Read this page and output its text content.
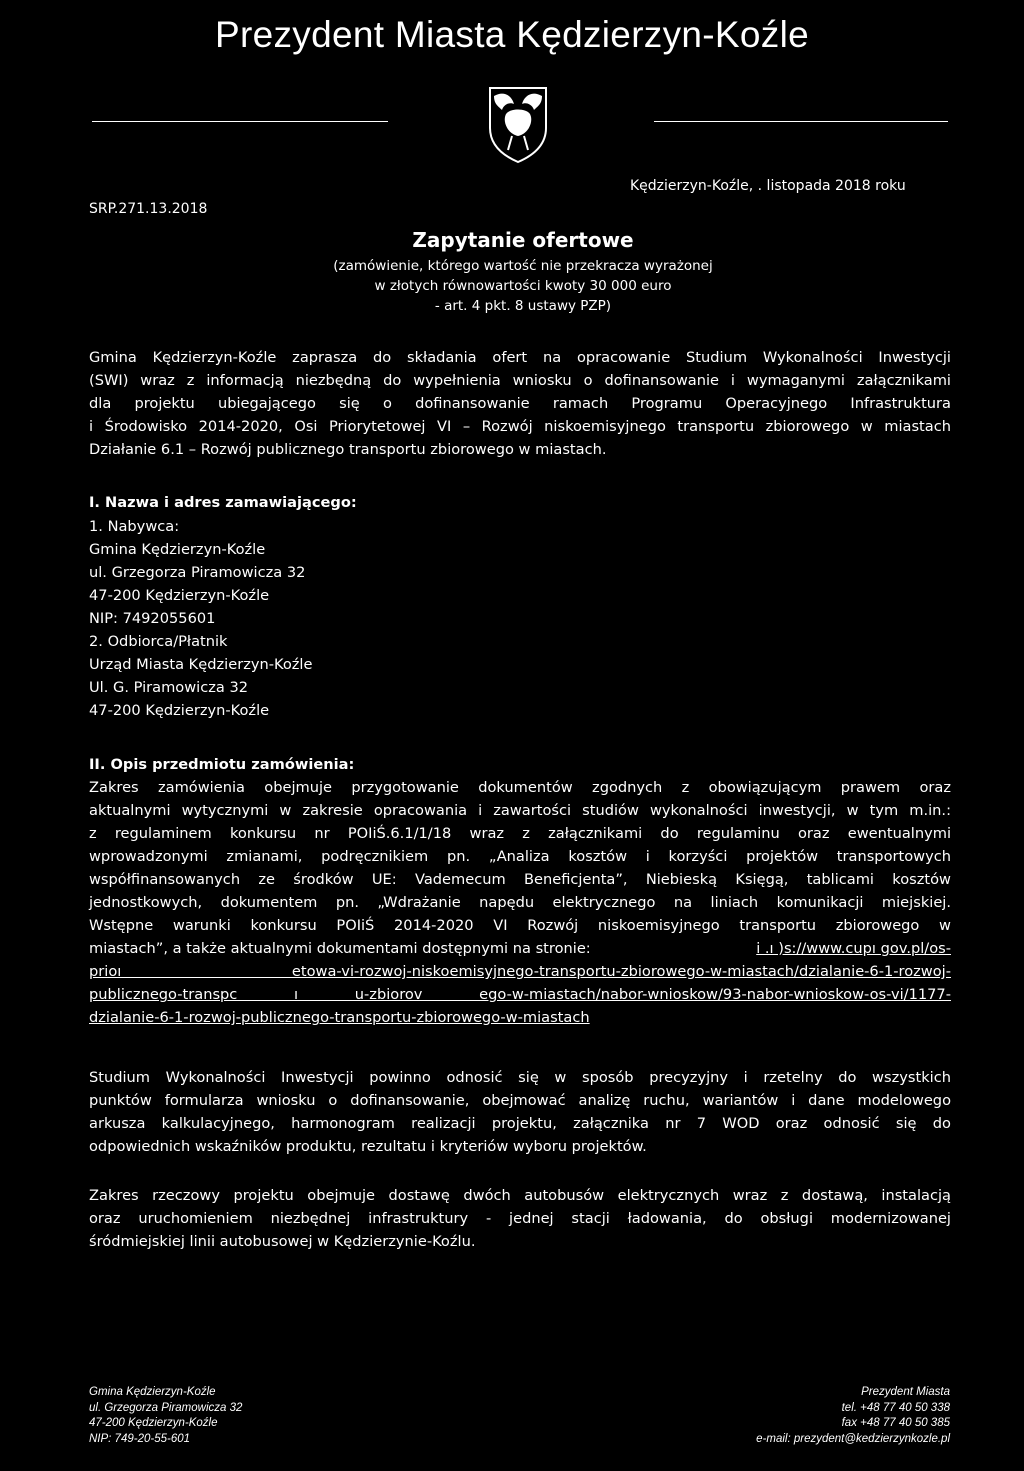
Prezydent Miasta Kędzierzyn-Koźle
SRP.271.13.2018
Kędzierzyn-Koźle, . listopada 2018 roku
Zapytanie ofertowe
(zamówienie, którego wartość nie przekracza wyrażonej
w złotych równowartości kwoty 30 000 euro
- art. 4 pkt. 8 ustawy PZP)
Gmina Kędzierzyn-Koźle zaprasza do składania ofert na opracowanie Studium Wykonalności Inwestycji
(SWI) wraz z informacją niezbędną do wypełnienia wniosku o dofinansowanie i wymaganymi załącznikami
dla projektu ubiegającego się o dofinansowanie ramach Programu Operacyjnego Infrastruktura
i Środowisko 2014-2020, Osi Priorytetowej VI – Rozwój niskoemisyjnego transportu zbiorowego w miastach
Działanie 6.1 – Rozwój publicznego transportu zbiorowego w miastach.
I. Nazwa i adres zamawiającego:
1. Nabywca:
Gmina Kędzierzyn-Koźle
ul. Grzegorza Piramowicza 32
47-200 Kędzierzyn-Koźle
NIP: 7492055601
2. Odbiorca/Płatnik
Urząd Miasta Kędzierzyn-Koźle
Ul. G. Piramowicza 32
47-200 Kędzierzyn-Koźle
II. Opis przedmiotu zamówienia:
Zakres zamówienia obejmuje przygotowanie dokumentów zgodnych z obowiązującym prawem oraz
aktualnymi wytycznymi w zakresie opracowania i zawartości studiów wykonalności inwestycji, w tym m.in.:
z regulaminem konkursu nr POIiŚ.6.1/1/18 wraz z załącznikami do regulaminu oraz ewentualnymi
wprowadzonymi zmianami, podręcznikiem pn. „Analiza kosztów i korzyści projektów transportowych
współfinansowanych ze środków UE: Vademecum Beneficjenta”, Niebieską Księgą, tablicami kosztów
jednostkowych, dokumentem pn. „Wdrażanie napędu elektrycznego na liniach komunikacji miejskiej.
Wstępne warunki konkursu POIiŚ 2014-2020 VI Rozwój niskoemisyjnego transportu zbiorowego w
miastach”, a także aktualnymi dokumentami dostępnymi na stronie:	i .ı )s://www.cupı gov.pl/os-
prioı etowa-vi-rozwoj-niskoemisyjnego-transportu-zbiorowego-w-miastach/dzialanie-6-1-rozwoj-
publicznego-transpc ı u-zbiorov ego-w-miastach/nabor-wnioskow/93-nabor-wnioskow-os-vi/1177-
dzialanie-6-1-rozwoj-publicznego-transportu-zbiorowego-w-miastach
Studium Wykonalności Inwestycji powinno odnosić się w sposób precyzyjny i rzetelny do wszystkich
punktów formularza wniosku o dofinansowanie, obejmować analizę ruchu, wariantów i dane modelowego
arkusza kalkulacyjnego, harmonogram realizacji projektu, załącznika nr 7 WOD oraz odnosić się do
odpowiednich wskaźników produktu, rezultatu i kryteriów wyboru projektów.
Zakres rzeczowy projektu obejmuje dostawę dwóch autobusów elektrycznych wraz z dostawą, instalacją
oraz uruchomieniem niezbędnej infrastruktury - jednej stacji ładowania, do obsługi modernizowanej
śródmiejskiej linii autobusowej w Kędzierzynie-Koźlu.
Gmina Kędzierzyn-Koźle
ul. Grzegorza Piramowicza 32
47-200 Kędzierzyn-Koźle
NIP: 749-20-55-601
Prezydent Miasta
tel. +48 77 40 50 338
fax +48 77 40 50 385
e-mail: prezydent@kedzierzynkozle.pl
